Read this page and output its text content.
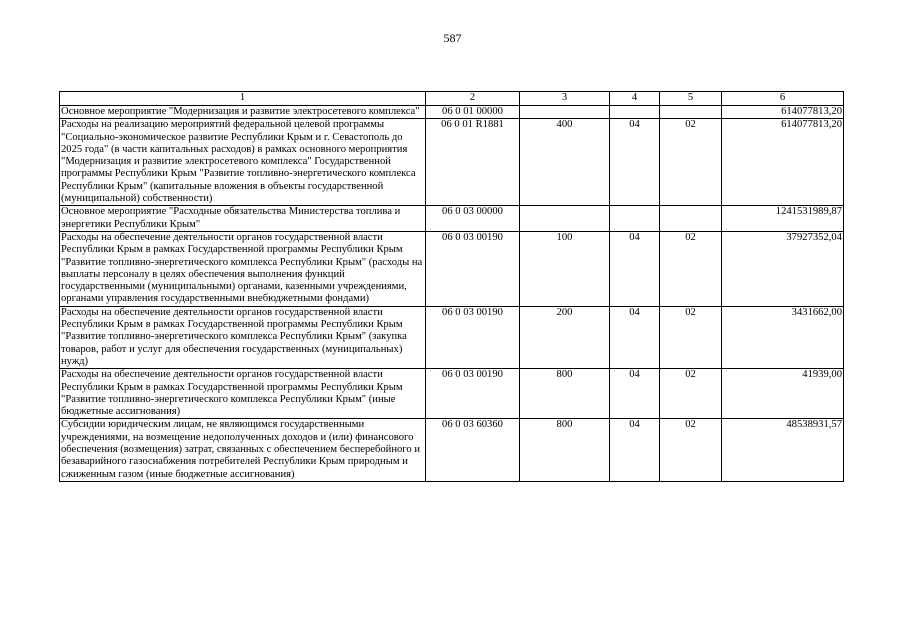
587
1	2	3	4	5	6
Основное мероприятие "Модернизация и развитие электросетевого комплекса"	06 0 01 00000				614077813,20
Расходы на реализацию мероприятий федеральной целевой программы "Социально-экономическое развитие Республики Крым и г. Севастополь до 2025 года" (в части капитальных расходов) в рамках основного мероприятия "Модернизация и развитие электросетевого комплекса" Государственной программы Республики Крым "Развитие топливно-энергетического комплекса Республики Крым" (капитальные вложения в объекты государственной (муниципальной) собственности)	06 0 01 R1881	400	04	02	614077813,20
Основное мероприятие "Расходные обязательства Министерства топлива и энергетики Республики Крым"	06 0 03 00000				1241531989,87
Расходы на обеспечение деятельности органов государственной власти Республики Крым в рамках Государственной программы Республики Крым "Развитие топливно-энергетического комплекса Республики Крым" (расходы на выплаты персоналу в целях обеспечения выполнения функций государственными (муниципальными) органами, казенными учреждениями, органами управления государственными внебюджетными фондами)	06 0 03 00190	100	04	02	37927352,04
Расходы на обеспечение деятельности органов государственной власти Республики Крым в рамках Государственной программы Республики Крым "Развитие топливно-энергетического комплекса Республики Крым" (закупка товаров, работ и услуг для обеспечения государственных (муниципальных) нужд)	06 0 03 00190	200	04	02	3431662,00
Расходы на обеспечение деятельности органов государственной власти Республики Крым в рамках Государственной программы Республики Крым "Развитие топливно-энергетического комплекса Республики Крым" (иные бюджетные ассигнования)	06 0 03 00190	800	04	02	41939,00
Субсидии юридическим лицам, не являющимся государственными учреждениями, на возмещение недополученных доходов и (или) финансового обеспечения (возмещения) затрат, связанных с обеспечением бесперебойного и безаварийного газоснабжения потребителей Республики Крым природным и сжиженным газом (иные бюджетные ассигнования)	06 0 03 60360	800	04	02	48538931,57
